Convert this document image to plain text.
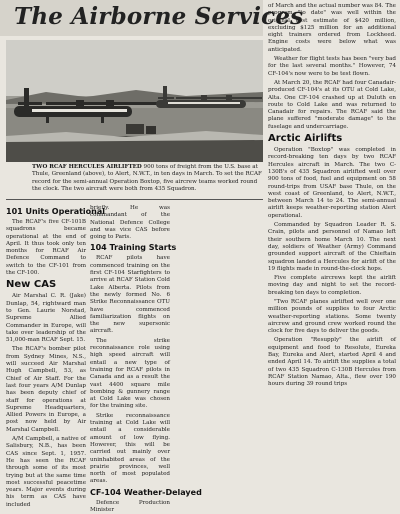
The Airborne Services
TWO RCAF HERCULES AIRLIFTED 900 tons of freight from the U.S. base at Thule, Greenland (above), to Alert, N.W.T., in ten days in March. To set the RCAF record for the semi-annual Operation Boxtop, five aircrew teams worked round the clock. The two aircraft were both from 435 Squadron.
101 Units Operational

The RCAF's five CF-101B squadrons became operational at the end of April. It thus took only ten months for RCAF Air Defence Command to switch to the CF-101 from the CF-100.

New CAS

Air Marshal C. R. (Jake) Dunlap, 54, rightward man to Gen. Laurie Norstad, Supreme Allied Commander in Europe, will take over leadership of the 51,000-man RCAF Sept. 15.

The RCAF's bomber pilot from Sydney Mines, N.S., will succeed Air Marshal Hugh Campbell, 53, as Chief of Air Staff. For the last four years A/M Dunlap has been deputy chief of staff for operations at Supreme Headquarters, Allied Powers in Europe, a post now held by Air Marshal Campbell.

A/M Campbell, a native of Salisbury, N.B., has been CAS since Sept. 1, 1957. He has seen the RCAF through some of its most trying but at the same time most successful peacetime years. Major events during his term as CAS have included

briefly. He was commandant of the National Defence College and was vice CAS before going to Paris.

104 Training Starts

RCAF pilots have commenced training on the first CF-104 Starfighters to arrive at RCAF Station Cold Lake Alberta. Pilots from the newly formed No. 6 Strike Reconnaissance OTU have commenced familiarization flights on the new supersonic aircraft.

The strike reconnaissance role using high speed aircraft will entail a new type of training for RCAF pilots in Canada and as a result the vast 4400 square mile bombing & gunnery range at Cold Lake was chosen for the training site.

Strike reconnaissance training at Cold Lake will entail a considerable amount of low flying. However, this will be carried out mainly over uninhabited areas of the prairie provinces, well north of most populated areas.

CF-104 Weather-Delayed

Defence Production Minister

of March and the actual number was 84. The program "to date" was well within the original cost estimate of $420 million, excluding $125 million for an additional eight trainers ordered from Lockheed. Engine costs were below what was anticipated.

Weather for flight tests has been "very bad for the last several months." However, 74 CF-104's now were to be test flown.

At March 20, the RCAF had four Canadair-produced CF-104's at its OTU at Cold Lake, Alta. One CF-104 crashed up at Duluth en route to Cold Lake and was returned to Canadair for repairs. The RCAF said the plane suffered "moderate damage" to the fuselage and undercarriage.

Arctic Airlifts

Operation "Boxtop" was completed in record-breaking ten days by two RCAF Hercules aircraft in March. The two C-130B's of 435 Squadron airlifted well over 900 tons of food, fuel and equipment on 58 round-trips from USAF base Thule, on the west coast of Greenland, to Alert, N.W.T., between March 14 to 24. The semi-annual airlift keeps weather-reporting station Alert operational.

Commanded by Squadron Leader R. S. Crain, pilots and personnel of Namao left their southern home March 10. The next day, soldiers of Weather (Army) Command grounded support aircraft of the Chieftain squadron landed a Hercules for airlift of the 19 flights made in round-the-clock hops.

Five complete aircrews kept the airlift moving day and night to set the record-breaking ten days to completion.

"Two RCAF planes airlifted well over one million pounds of supplies to four Arctic weather-reporting stations. Some twenty aircrew and ground crew worked round the clock for five days to deliver the goods.

Operation "Resupply" the airlift of equipment and food to Resolute, Eureka Bay, Eureka and Alert, started April 4 and ended April 14. To airlift the supplies a total of two 435 Squadron C-130B Hercules from RCAF Station Namao, Alta., flew over 190 hours during 39 round trips
